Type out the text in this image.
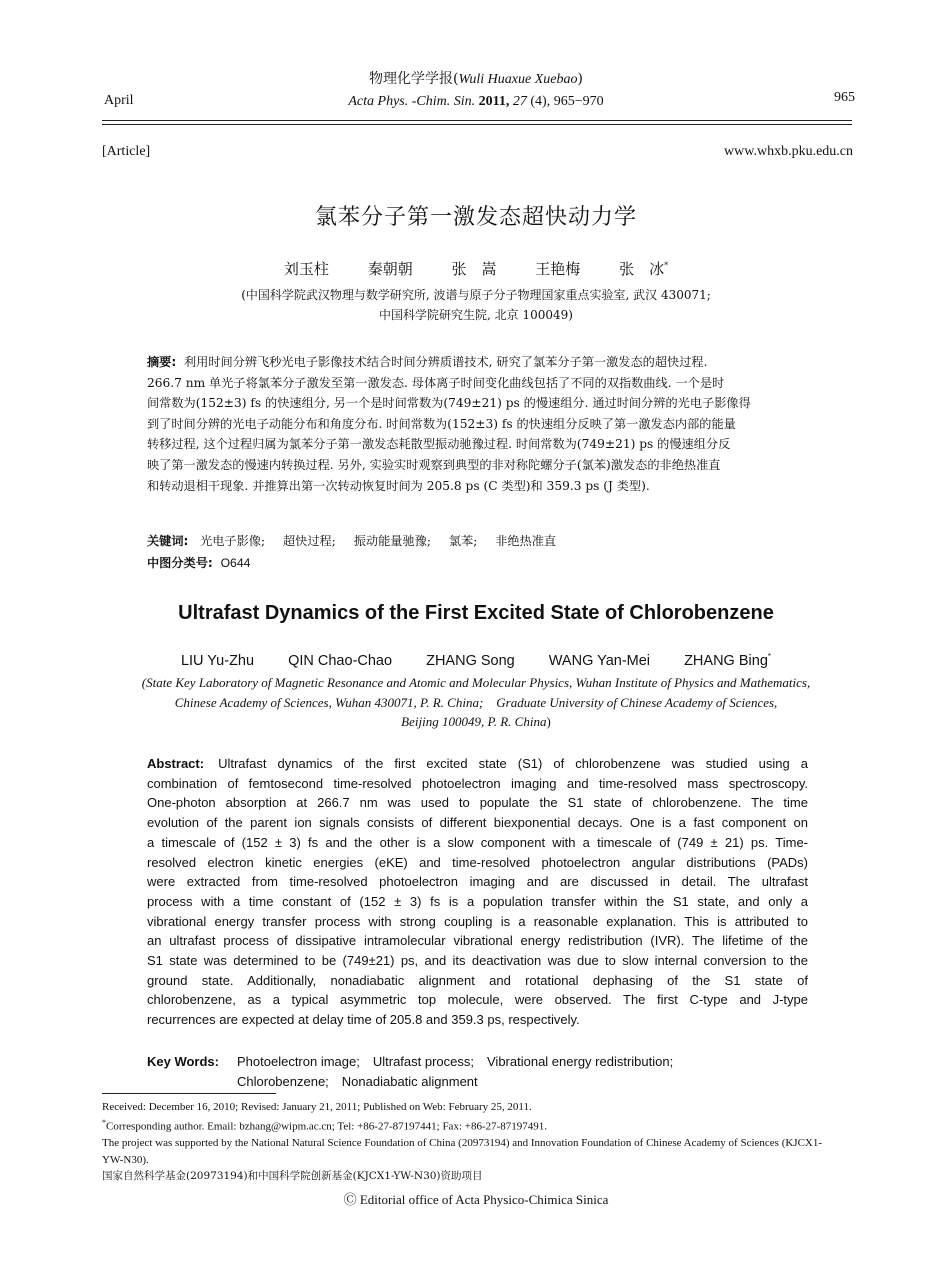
物理化学学报(Wuli Huaxue Xuebao)
Acta Phys. -Chim. Sin. 2011, 27 (4), 965−970
April	965
[Article]	www.whxb.pku.edu.cn
氯苯分子第一激发态超快动力学
刘玉柱	秦朝朝	张　嵩	王艳梅	张　冰*
(中国科学院武汉物理与数学研究所, 波谱与原子分子物理国家重点实验室, 武汉 430071;
中国科学院研究生院, 北京 100049)
摘要: 利用时间分辨飞秒光电子影像技术结合时间分辨质谱技术, 研究了氯苯分子第一激发态的超快过程.
266.7 nm 单光子将氯苯分子激发至第一激发态. 母体离子时间变化曲线包括了不同的双指数曲线. 一个是时
间常数为(152±3) fs 的快速组分, 另一个是时间常数为(749±21) ps 的慢速组分. 通过时间分辨的光电子影像得
到了时间分辨的光电子动能分布和角度分布. 时间常数为(152±3) fs 的快速组分反映了第一激发态内部的能量
转移过程, 这个过程归属为氯苯分子第一激发态耗散型振动驰豫过程. 时间常数为(749±21) ps 的慢速组分反
映了第一激发态的慢速内转换过程. 另外, 实验实时观察到典型的非对称陀螺分子(氯苯)激发态的非绝热准直
和转动退相干现象. 并推算出第一次转动恢复时间为 205.8 ps (C 类型)和 359.3 ps (J 类型).
关键词: 光电子影像; 超快过程; 振动能量驰豫; 氯苯; 非绝热准直
中图分类号: O644
Ultrafast Dynamics of the First Excited State of Chlorobenzene
LIU Yu-Zhu QIN Chao-Chao ZHANG Song WANG Yan-Mei ZHANG Bing*
(State Key Laboratory of Magnetic Resonance and Atomic and Molecular Physics, Wuhan Institute of Physics and Mathematics,
Chinese Academy of Sciences, Wuhan 430071, P. R. China; Graduate University of Chinese Academy of Sciences,
Beijing 100049, P. R. China)
Abstract: Ultrafast dynamics of the first excited state (S1) of chlorobenzene was studied using a
combination of femtosecond time-resolved photoelectron imaging and time-resolved mass spectroscopy.
One-photon absorption at 266.7 nm was used to populate the S1 state of chlorobenzene. The time
evolution of the parent ion signals consists of different biexponential decays. One is a fast component on
a timescale of (152 ± 3) fs and the other is a slow component with a timescale of (749 ± 21) ps. Time-
resolved electron kinetic energies (eKE) and time-resolved photoelectron angular distributions (PADs)
were extracted from time-resolved photoelectron imaging and are discussed in detail. The ultrafast
process with a time constant of (152 ± 3) fs is a population transfer within the S1 state, and only a
vibrational energy transfer process with strong coupling is a reasonable explanation. This is attributed to
an ultrafast process of dissipative intramolecular vibrational energy redistribution (IVR). The lifetime of the
S1 state was determined to be (749±21) ps, and its deactivation was due to slow internal conversion to the
ground state. Additionally, nonadiabatic alignment and rotational dephasing of the S1 state of
chlorobenzene, as a typical asymmetric top molecule, were observed. The first C-type and J-type
recurrences are expected at delay time of 205.8 and 359.3 ps, respectively.
Key Words: Photoelectron image;　Ultrafast process;　Vibrational energy redistribution;
Chlorobenzene;　Nonadiabatic alignment

Received: December 16, 2010; Revised: January 21, 2011; Published on Web: February 25, 2011.

*Corresponding author. Email: bzhang@wipm.ac.cn; Tel: +86-27-87197441; Fax: +86-27-87197491.

The project was supported by the National Natural Science Foundation of China (20973194) and Innovation Foundation of Chinese Academy of Sciences (KJCX1-YW-N30).

国家自然科学基金(20973194)和中国科学院创新基金(KJCX1-YW-N30)资助项目

Ⓒ Editorial office of Acta Physico-Chimica Sinica
